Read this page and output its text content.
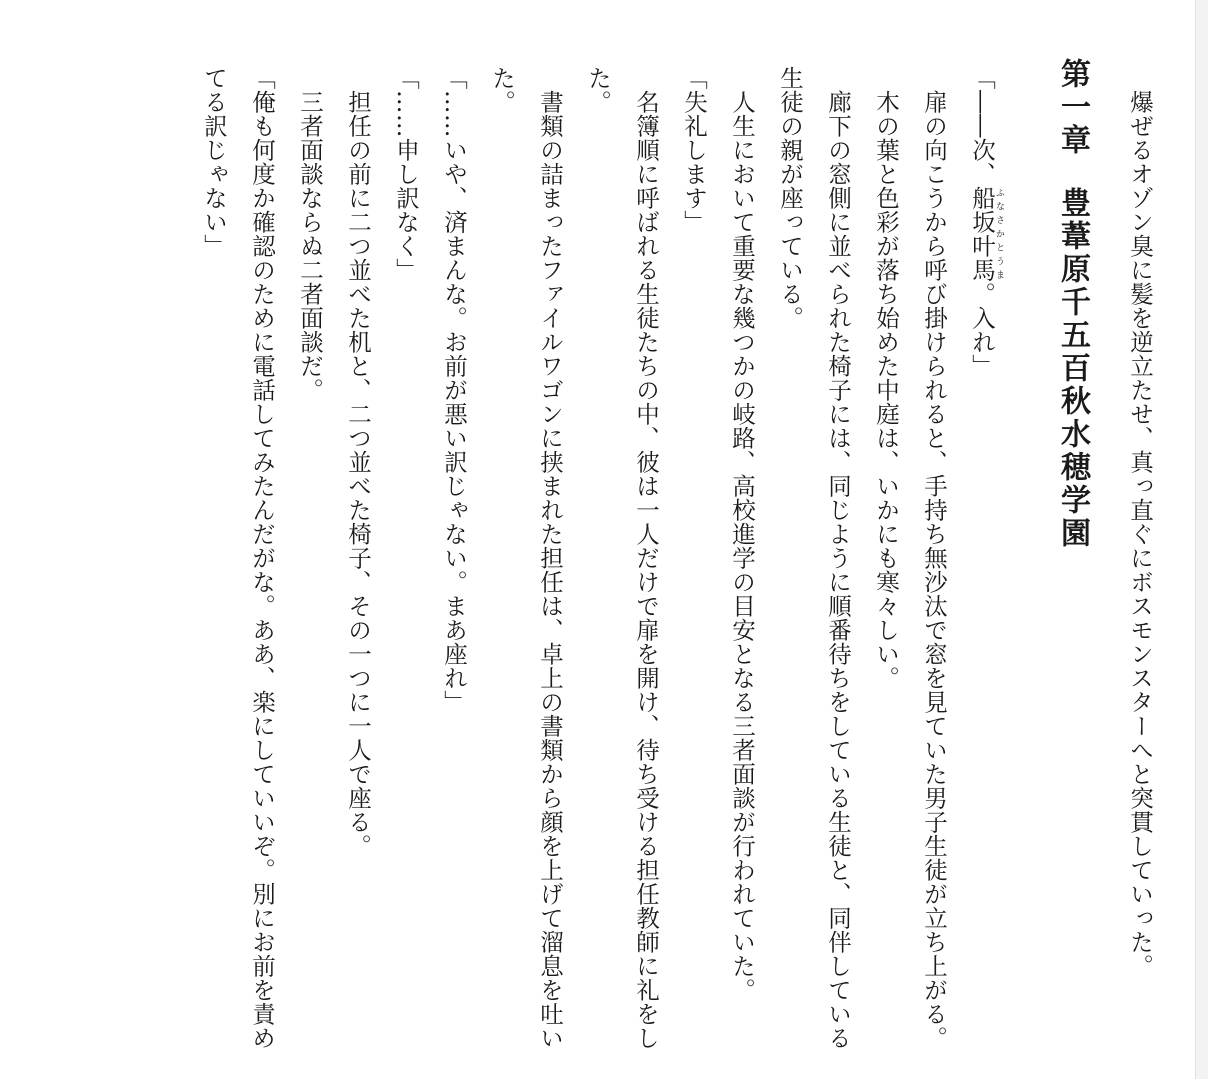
爆ぜるオゾン臭に髪を逆立たせ、真っ直ぐにボスモンスターへと突貫していった。

第一章　豊葦原千五百秋水穂学園

「――次、船坂叶馬ふなさかとうま。入れ」

扉の向こうから呼び掛けられると、手持ち無沙汰で窓を見ていた男子生徒が立ち上がる。

木の葉と色彩が落ち始めた中庭は、いかにも寒々しい。

廊下の窓側に並べられた椅子には、同じように順番待ちをしている生徒と、同伴している生徒の親が座っている。

人生において重要な幾つかの岐路、高校進学の目安となる三者面談が行われていた。

「失礼します」

名簿順に呼ばれる生徒たちの中、彼は一人だけで扉を開け、待ち受ける担任教師に礼をした。

書類の詰まったファイルワゴンに挟まれた担任は、卓上の書類から顔を上げて溜息を吐いた。

「……いや、済まんな。お前が悪い訳じゃない。まあ座れ」

「……申し訳なく」

担任の前に二つ並べた机と、二つ並べた椅子、その一つに一人で座る。

三者面談ならぬ二者面談だ。

「俺も何度か確認のために電話してみたんだがな。ああ、楽にしていいぞ。別にお前を責めてる訳じゃない」
